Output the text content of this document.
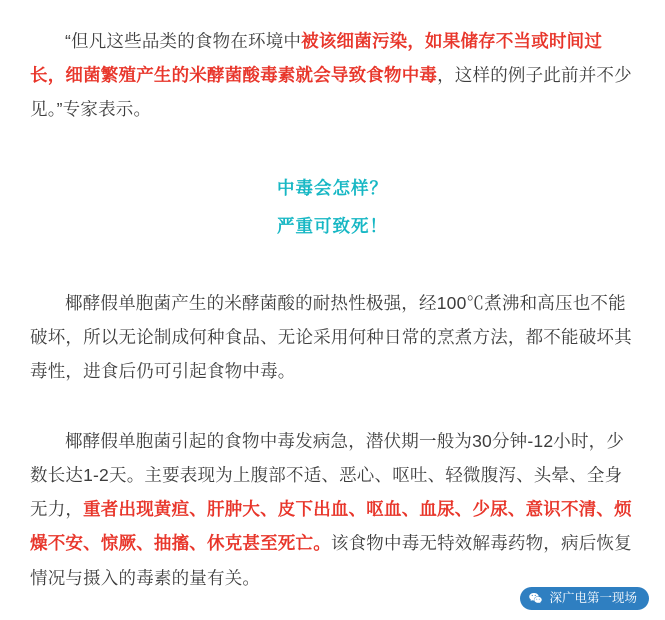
“但凡这些品类的食物在环境中被该细菌污染，如果储存不当或时间过长，细菌繁殖产生的米酵菌酸毒素就会导致食物中毒，这样的例子此前并不少见。”专家表示。

中毒会怎样？
严重可致死！

椰酵假单胞菌产生的米酵菌酸的耐热性极强，经100℃煮沸和高压也不能破坏，所以无论制成何种食品、无论采用何种日常的烹煮方法，都不能破坏其毒性，进食后仍可引起食物中毒。

椰酵假单胞菌引起的食物中毒发病急，潜伏期一般为30分钟-12小时，少数长达1-2天。主要表现为上腹部不适、恶心、呕吐、轻微腹泻、头晕、全身无力，重者出现黄疸、肝肿大、皮下出血、呕血、血尿、少尿、意识不清、烦燥不安、惊厥、抽搐、休克甚至死亡。该食物中毒无特效解毒药物，病后恢复情况与摄入的毒素的量有关。

深广电第一现场
